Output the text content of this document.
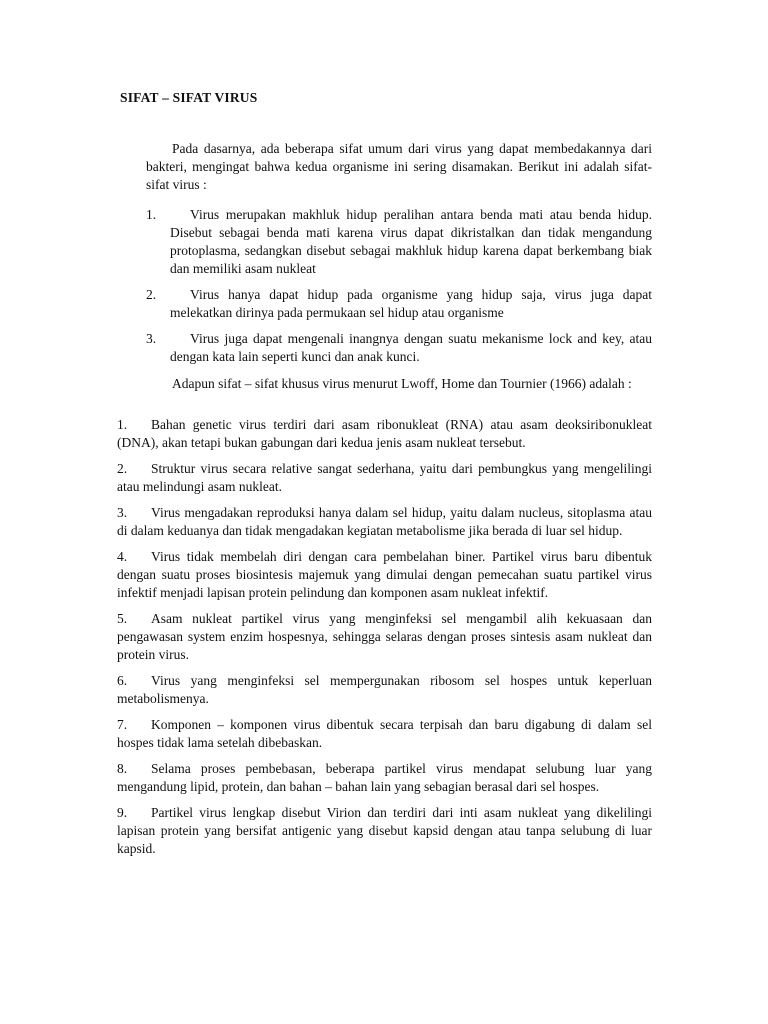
SIFAT – SIFAT VIRUS

Pada dasarnya, ada beberapa sifat umum dari virus yang dapat membedakannya dari bakteri, mengingat bahwa kedua organisme ini sering disamakan. Berikut ini adalah sifat-sifat virus :

1.	Virus merupakan makhluk hidup peralihan antara benda mati atau benda hidup. Disebut sebagai benda mati karena virus dapat dikristalkan dan tidak mengandung protoplasma, sedangkan disebut sebagai makhluk hidup karena dapat berkembang biak dan memiliki asam nukleat
2.	Virus hanya dapat hidup pada organisme yang hidup saja, virus juga dapat melekatkan dirinya pada permukaan sel hidup atau organisme
3.	Virus juga dapat mengenali inangnya dengan suatu mekanisme lock and key, atau dengan kata lain seperti kunci dan anak kunci.

Adapun sifat – sifat khusus virus menurut Lwoff, Home dan Tournier (1966) adalah :

1. Bahan genetic virus terdiri dari asam ribonukleat (RNA) atau asam deoksiribonukleat (DNA), akan tetapi bukan gabungan dari kedua jenis asam nukleat tersebut.
2. Struktur virus secara relative sangat sederhana, yaitu dari pembungkus yang mengelilingi atau melindungi asam nukleat.
3. Virus mengadakan reproduksi hanya dalam sel hidup, yaitu dalam nucleus, sitoplasma atau di dalam keduanya dan tidak mengadakan kegiatan metabolisme jika berada di luar sel hidup.
4. Virus tidak membelah diri dengan cara pembelahan biner. Partikel virus baru dibentuk dengan suatu proses biosintesis majemuk yang dimulai dengan pemecahan suatu partikel virus infektif menjadi lapisan protein pelindung dan komponen asam nukleat infektif.
5. Asam nukleat partikel virus yang menginfeksi sel mengambil alih kekuasaan dan pengawasan system enzim hospesnya, sehingga selaras dengan proses sintesis asam nukleat dan protein virus.
6. Virus yang menginfeksi sel mempergunakan ribosom sel hospes untuk keperluan metabolismenya.
7. Komponen – komponen virus dibentuk secara terpisah dan baru digabung di dalam sel hospes tidak lama setelah dibebaskan.
8. Selama proses pembebasan, beberapa partikel virus mendapat selubung luar yang mengandung lipid, protein, dan bahan – bahan lain yang sebagian berasal dari sel hospes.
9. Partikel virus lengkap disebut Virion dan terdiri dari inti asam nukleat yang dikelilingi lapisan protein yang bersifat antigenic yang disebut kapsid dengan atau tanpa selubung di luar kapsid.
